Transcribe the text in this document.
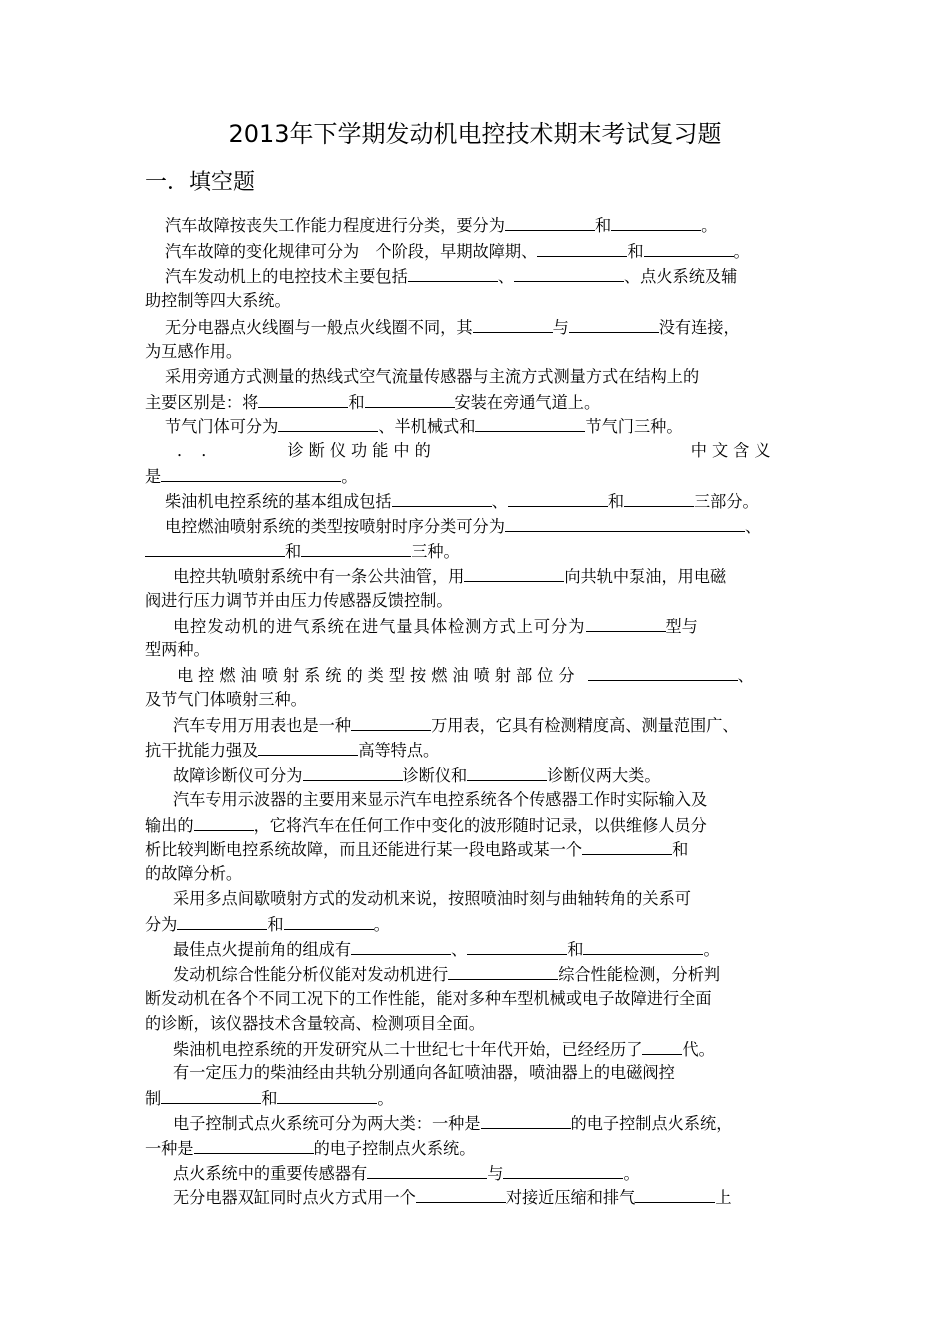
2013年下学期发动机电控技术期末考试复习题
一．填空题
汽车故障按丧失工作能力程度进行分类，要分为	和	。
汽车故障的变化规律可分为　个阶段，早期故障期、	和	。
汽车发动机上的电控技术主要包括	、	、点火系统及辅
助控制等四大系统。
无分电器点火线圈与一般点火线圈不同，其	与	没有连接，
为互感作用。
采用旁通方式测量的热线式空气流量传感器与主流方式测量方式在结构上的
主要区别是：将	和	安装在旁通气道上。
节气门体可分为	、半机械式和	节气门三种。
．　．	诊断仪功能中的	中文含义
是	。
柴油机电控系统的基本组成包括	、	和	三部分。
电控燃油喷射系统的类型按喷射时序分类可分为	、
和	三种。
电控共轨喷射系统中有一条公共油管，用	向共轨中泵油，用电磁
阀进行压力调节并由压力传感器反馈控制。
电控发动机的进气系统在进气量具体检测方式上可分为	型与
型两种。
电控燃油喷射系统的类型按燃油喷射部位分	、
及节气门体喷射三种。
汽车专用万用表也是一种	万用表，它具有检测精度高、测量范围广、
抗干扰能力强及	高等特点。
故障诊断仪可分为	诊断仪和	诊断仪两大类。
汽车专用示波器的主要用来显示汽车电控系统各个传感器工作时实际输入及
输出的	，它将汽车在任何工作中变化的波形随时记录，以供维修人员分
析比较判断电控系统故障，而且还能进行某一段电路或某一个	和
的故障分析。
采用多点间歇喷射方式的发动机来说，按照喷油时刻与曲轴转角的关系可
分为	和	。
最佳点火提前角的组成有	、	和	。
发动机综合性能分析仪能对发动机进行	综合性能检测，分析判
断发动机在各个不同工况下的工作性能，能对多种车型机械或电子故障进行全面
的诊断，该仪器技术含量较高、检测项目全面。
柴油机电控系统的开发研究从二十世纪七十年代开始，已经经历了 代。
有一定压力的柴油经由共轨分别通向各缸喷油器，喷油器上的电磁阀控
制	和	。
电子控制式点火系统可分为两大类：一种是	的电子控制点火系统，
一种是	的电子控制点火系统。
点火系统中的重要传感器有	与	。
无分电器双缸同时点火方式用一个	对接近压缩和排气	上
